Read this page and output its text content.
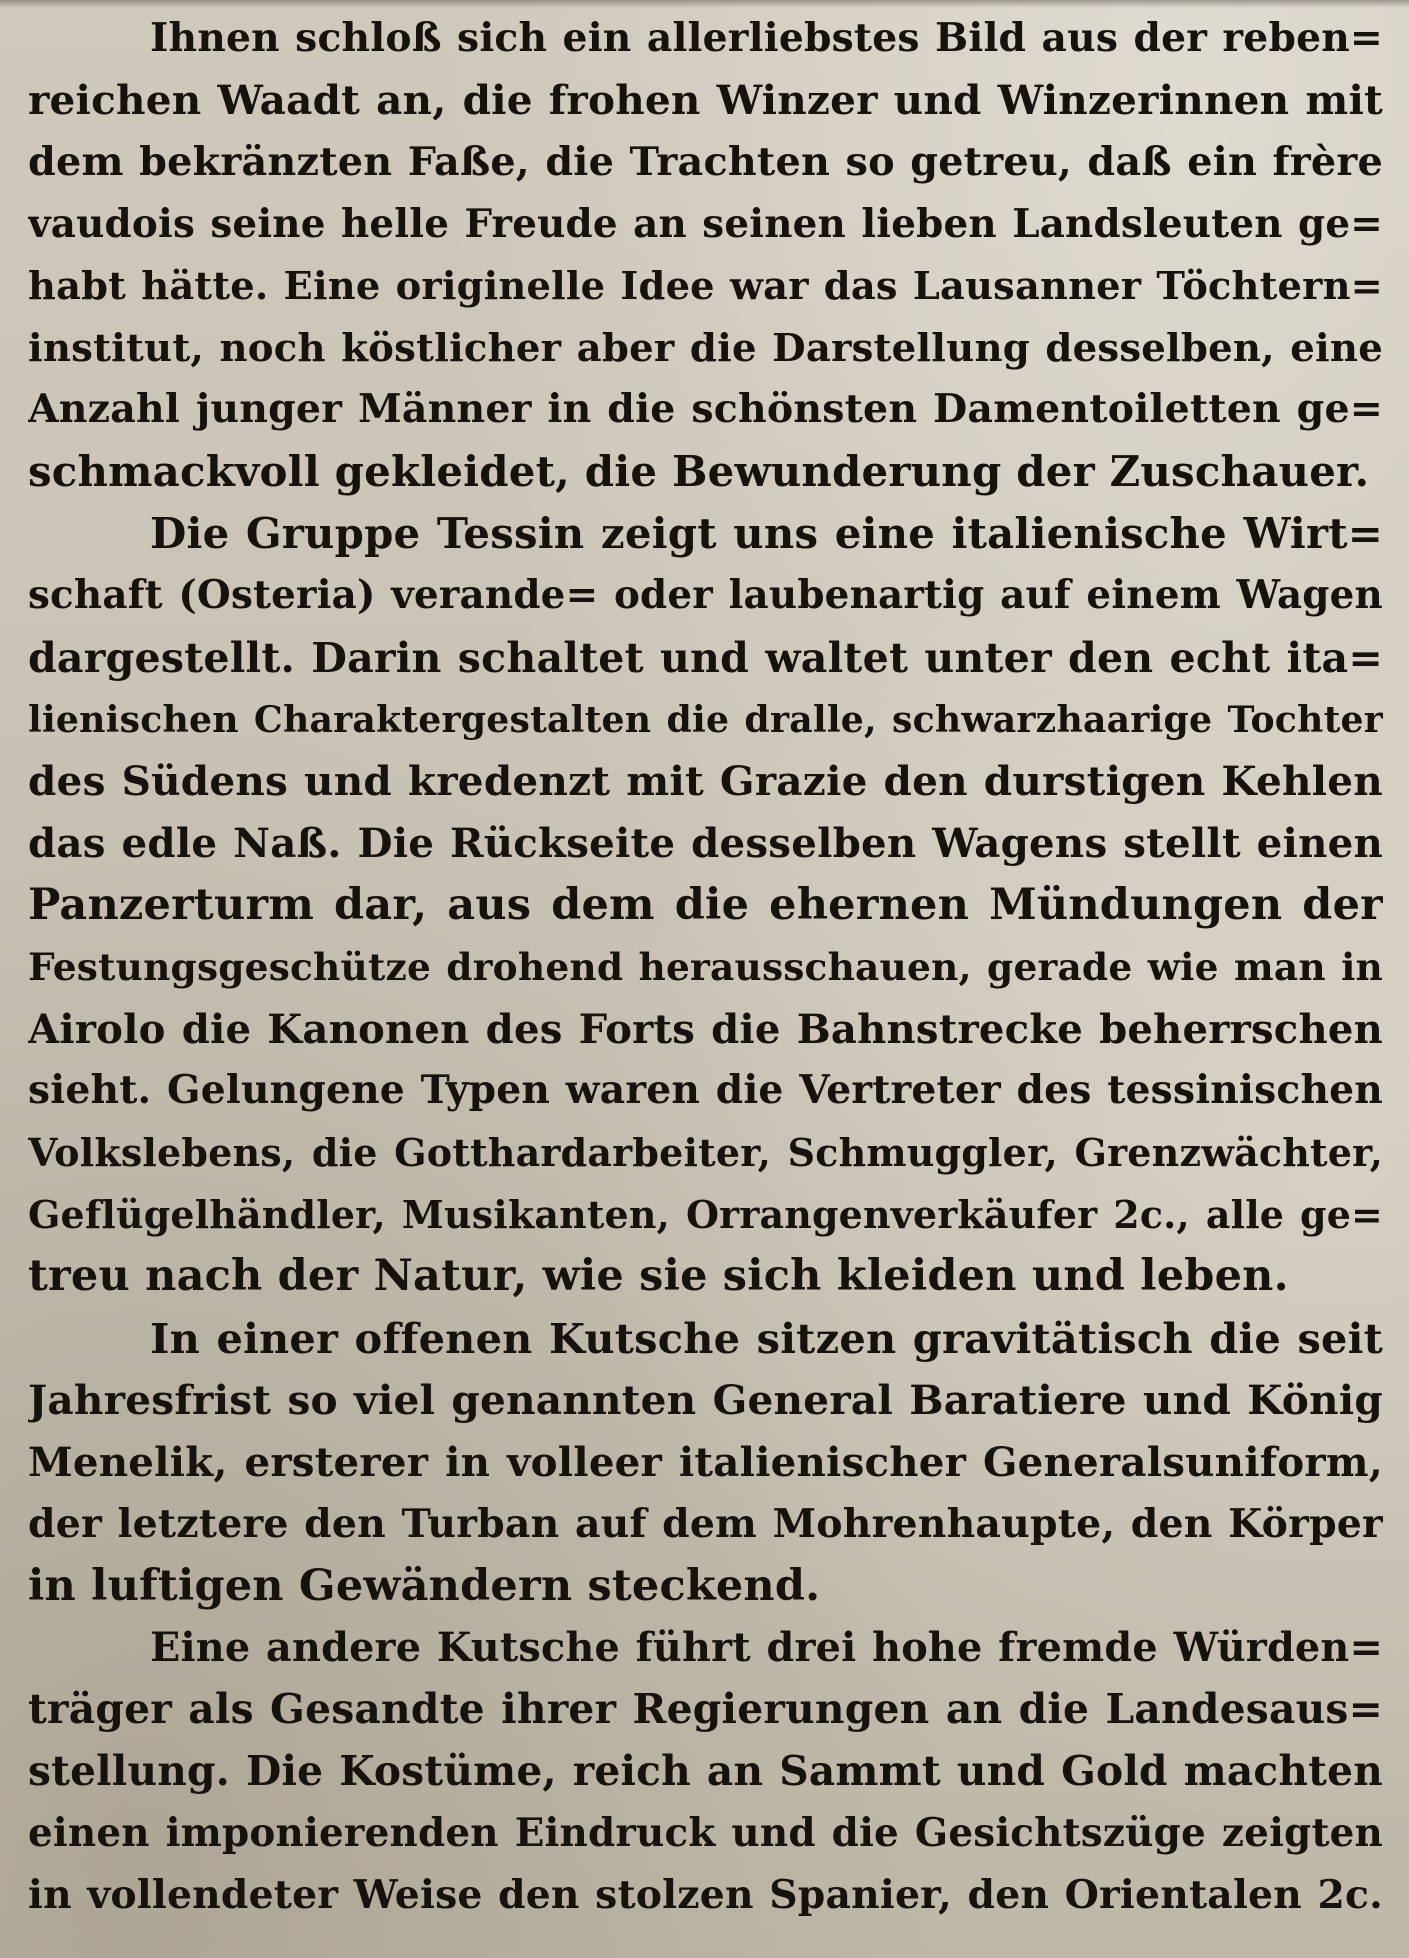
Ihnen schloß sich ein allerliebstes Bild aus der reben=
reichen Waadt an, die frohen Winzer und Winzerinnen mit
dem bekränzten Faße, die Trachten so getreu, daß ein frère
vaudois seine helle Freude an seinen lieben Landsleuten ge=
habt hätte. Eine originelle Idee war das Lausanner Töchtern=
institut, noch köstlicher aber die Darstellung desselben, eine
Anzahl junger Männer in die schönsten Damentoiletten ge=
schmackvoll gekleidet, die Bewunderung der Zuschauer.

Die Gruppe Tessin zeigt uns eine italienische Wirt=
schaft (Osteria) verande= oder laubenartig auf einem Wagen
dargestellt. Darin schaltet und waltet unter den echt ita=
lienischen Charaktergestalten die dralle, schwarzhaarige Tochter
des Südens und kredenzt mit Grazie den durstigen Kehlen
das edle Naß. Die Rückseite desselben Wagens stellt einen
Panzerturm dar, aus dem die ehernen Mündungen der
Festungsgeschütze drohend herausschauen, gerade wie man in
Airolo die Kanonen des Forts die Bahnstrecke beherrschen
sieht. Gelungene Typen waren die Vertreter des tessinischen
Volkslebens, die Gotthardarbeiter, Schmuggler, Grenzwächter,
Geflügelhändler, Musikanten, Orrangenverkäufer 2c., alle ge=
treu nach der Natur, wie sie sich kleiden und leben.

In einer offenen Kutsche sitzen gravitätisch die seit
Jahresfrist so viel genannten General Baratiere und König
Menelik, ersterer in volleer italienischer Generalsuniform,
der letztere den Turban auf dem Mohrenhaupte, den Körper
in luftigen Gewändern steckend.

Eine andere Kutsche führt drei hohe fremde Würden=
träger als Gesandte ihrer Regierungen an die Landesaus=
stellung. Die Kostüme, reich an Sammt und Gold machten
einen imponierenden Eindruck und die Gesichtszüge zeigten
in vollendeter Weise den stolzen Spanier, den Orientalen 2c.
